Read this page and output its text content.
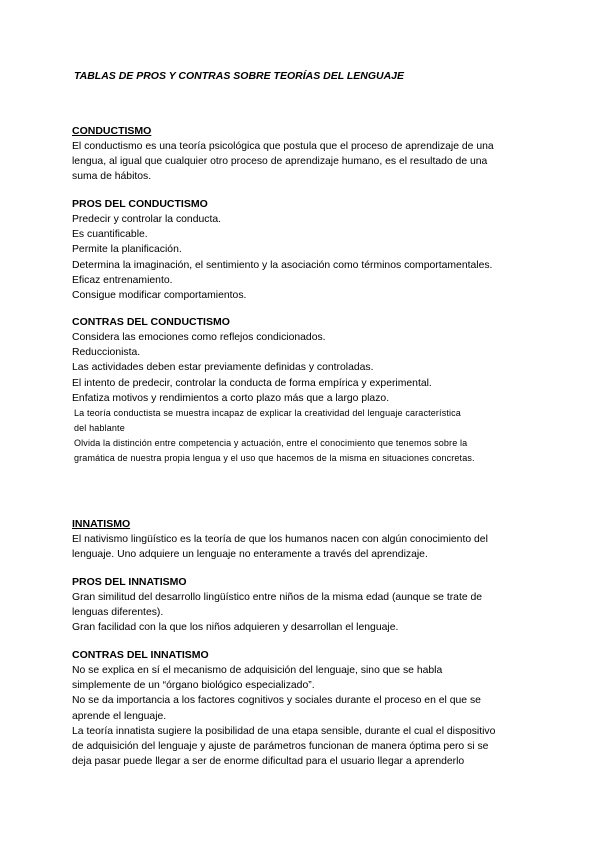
TABLAS DE PROS Y CONTRAS SOBRE TEORÍAS DEL LENGUAJE
CONDUCTISMO
El conductismo es una teoría psicológica que postula que el proceso de aprendizaje de una
lengua, al igual que cualquier otro proceso de aprendizaje humano, es el resultado de una
suma de hábitos.
PROS DEL CONDUCTISMO
Predecir y controlar la conducta.
Es cuantificable.
Permite la planificación.
Determina la imaginación, el sentimiento y la asociación como términos comportamentales.
Eficaz entrenamiento.
Consigue modificar comportamientos.
CONTRAS DEL CONDUCTISMO
Considera las emociones como reflejos condicionados.
Reduccionista.
Las actividades deben estar previamente definidas y controladas.
El intento de predecir, controlar la conducta de forma empírica y experimental.
Enfatiza motivos y rendimientos a corto plazo más que a largo plazo.
La teoría conductista se muestra incapaz de explicar la creatividad del lenguaje característica
del hablante
Olvida la distinción entre competencia y actuación, entre el conocimiento que tenemos sobre la
gramática de nuestra propia lengua y el uso que hacemos de la misma en situaciones concretas.
INNATISMO
El nativismo lingüístico es la teoría de que los humanos nacen con algún conocimiento del
lenguaje. Uno adquiere un lenguaje no enteramente a través del aprendizaje.
PROS DEL INNATISMO
Gran similitud del desarrollo lingüístico entre niños de la misma edad (aunque se trate de
lenguas diferentes).
Gran facilidad con la que los niños adquieren y desarrollan el lenguaje.
CONTRAS DEL INNATISMO
No se explica en sí el mecanismo de adquisición del lenguaje, sino que se habla
simplemente de un “órgano biológico especializado”.
No se da importancia a los factores cognitivos y sociales durante el proceso en el que se
aprende el lenguaje.
La teoría innatista sugiere la posibilidad de una etapa sensible, durante el cual el dispositivo
de adquisición del lenguaje y ajuste de parámetros funcionan de manera óptima pero si se
deja pasar puede llegar a ser de enorme dificultad para el usuario llegar a aprenderlo
